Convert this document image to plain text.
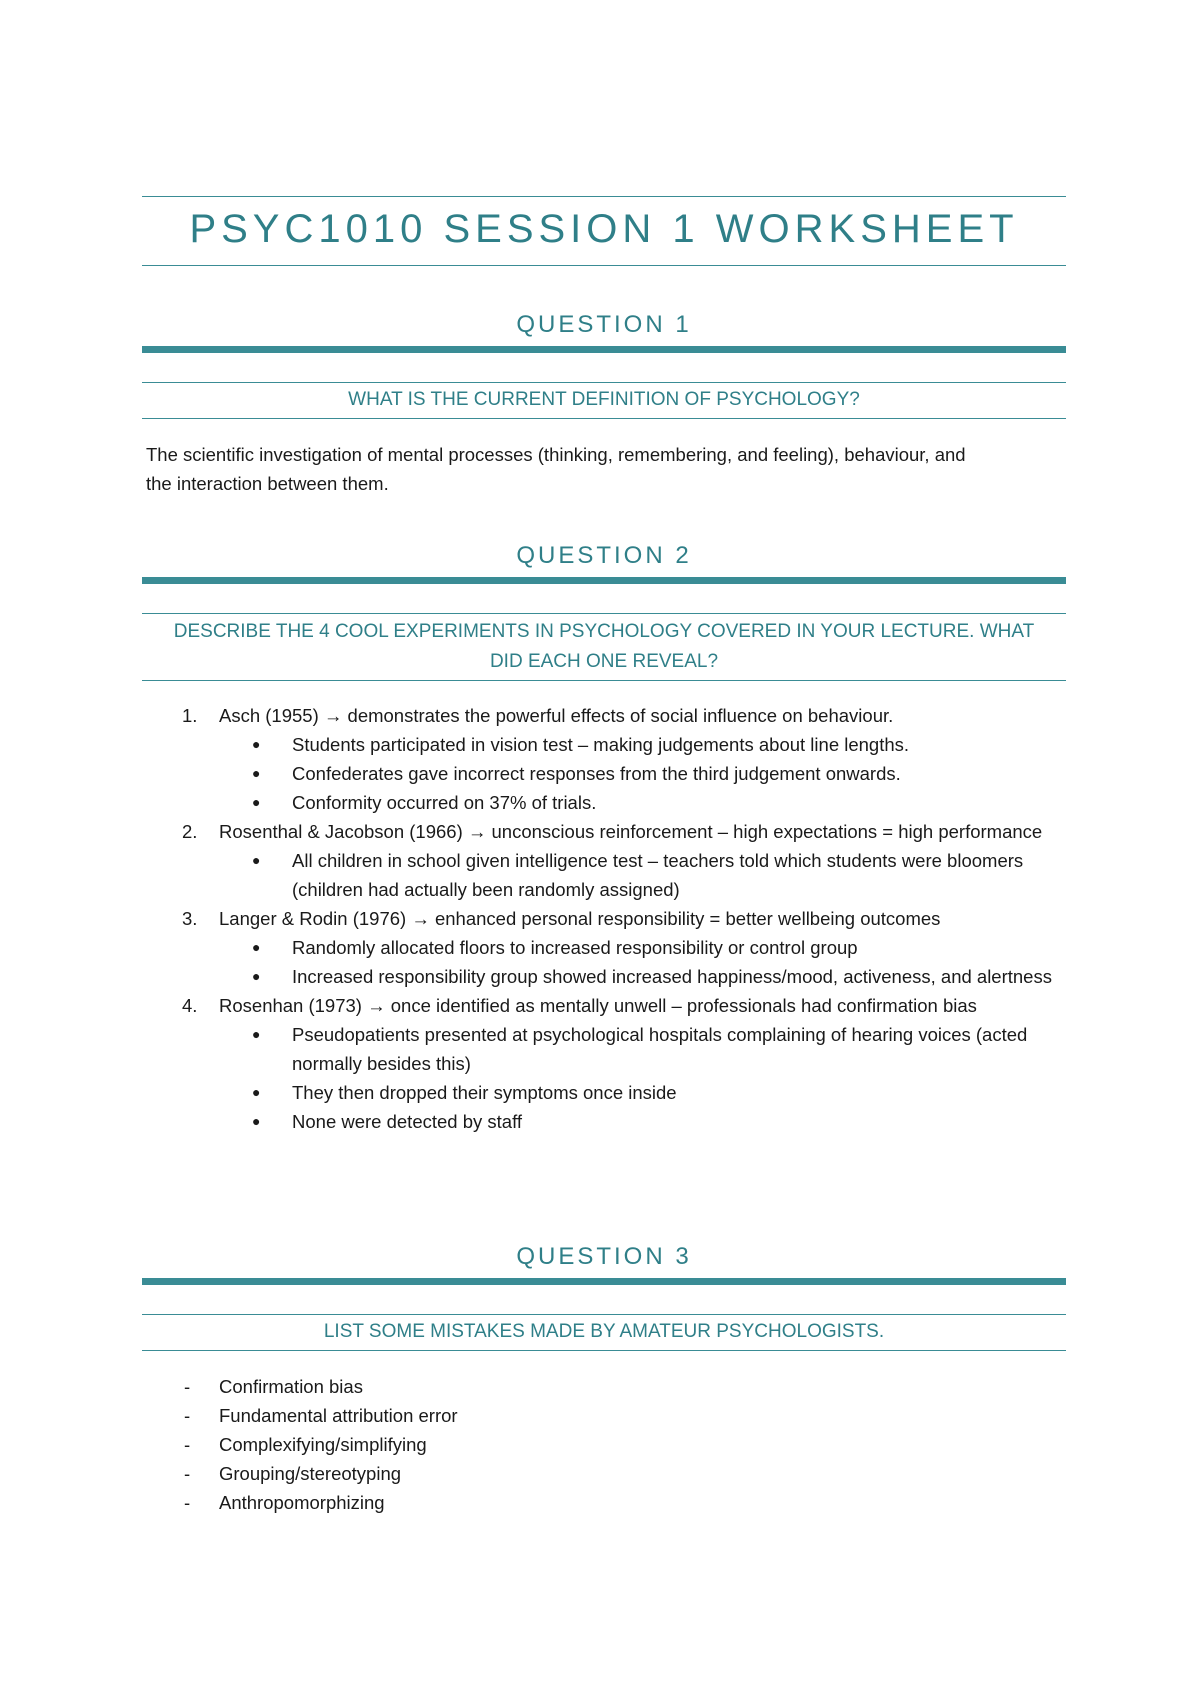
PSYC1010 SESSION 1 WORKSHEET
QUESTION 1
WHAT IS THE CURRENT DEFINITION OF PSYCHOLOGY?
The scientific investigation of mental processes (thinking, remembering, and feeling), behaviour, and
the interaction between them.
QUESTION 2
DESCRIBE THE 4 COOL EXPERIMENTS IN PSYCHOLOGY COVERED IN YOUR LECTURE. WHAT
DID EACH ONE REVEAL?
1. Asch (1955) → demonstrates the powerful effects of social influence on behaviour.
● Students participated in vision test – making judgements about line lengths.
● Confederates gave incorrect responses from the third judgement onwards.
● Conformity occurred on 37% of trials.
2. Rosenthal & Jacobson (1966) → unconscious reinforcement – high expectations = high performance
● All children in school given intelligence test – teachers told which students were bloomers (children had actually been randomly assigned)
3. Langer & Rodin (1976) → enhanced personal responsibility = better wellbeing outcomes
● Randomly allocated floors to increased responsibility or control group
● Increased responsibility group showed increased happiness/mood, activeness, and alertness
4. Rosenhan (1973) → once identified as mentally unwell – professionals had confirmation bias
● Pseudopatients presented at psychological hospitals complaining of hearing voices (acted normally besides this)
● They then dropped their symptoms once inside
● None were detected by staff
QUESTION 3
LIST SOME MISTAKES MADE BY AMATEUR PSYCHOLOGISTS.
- Confirmation bias
- Fundamental attribution error
- Complexifying/simplifying
- Grouping/stereotyping
- Anthropomorphizing
